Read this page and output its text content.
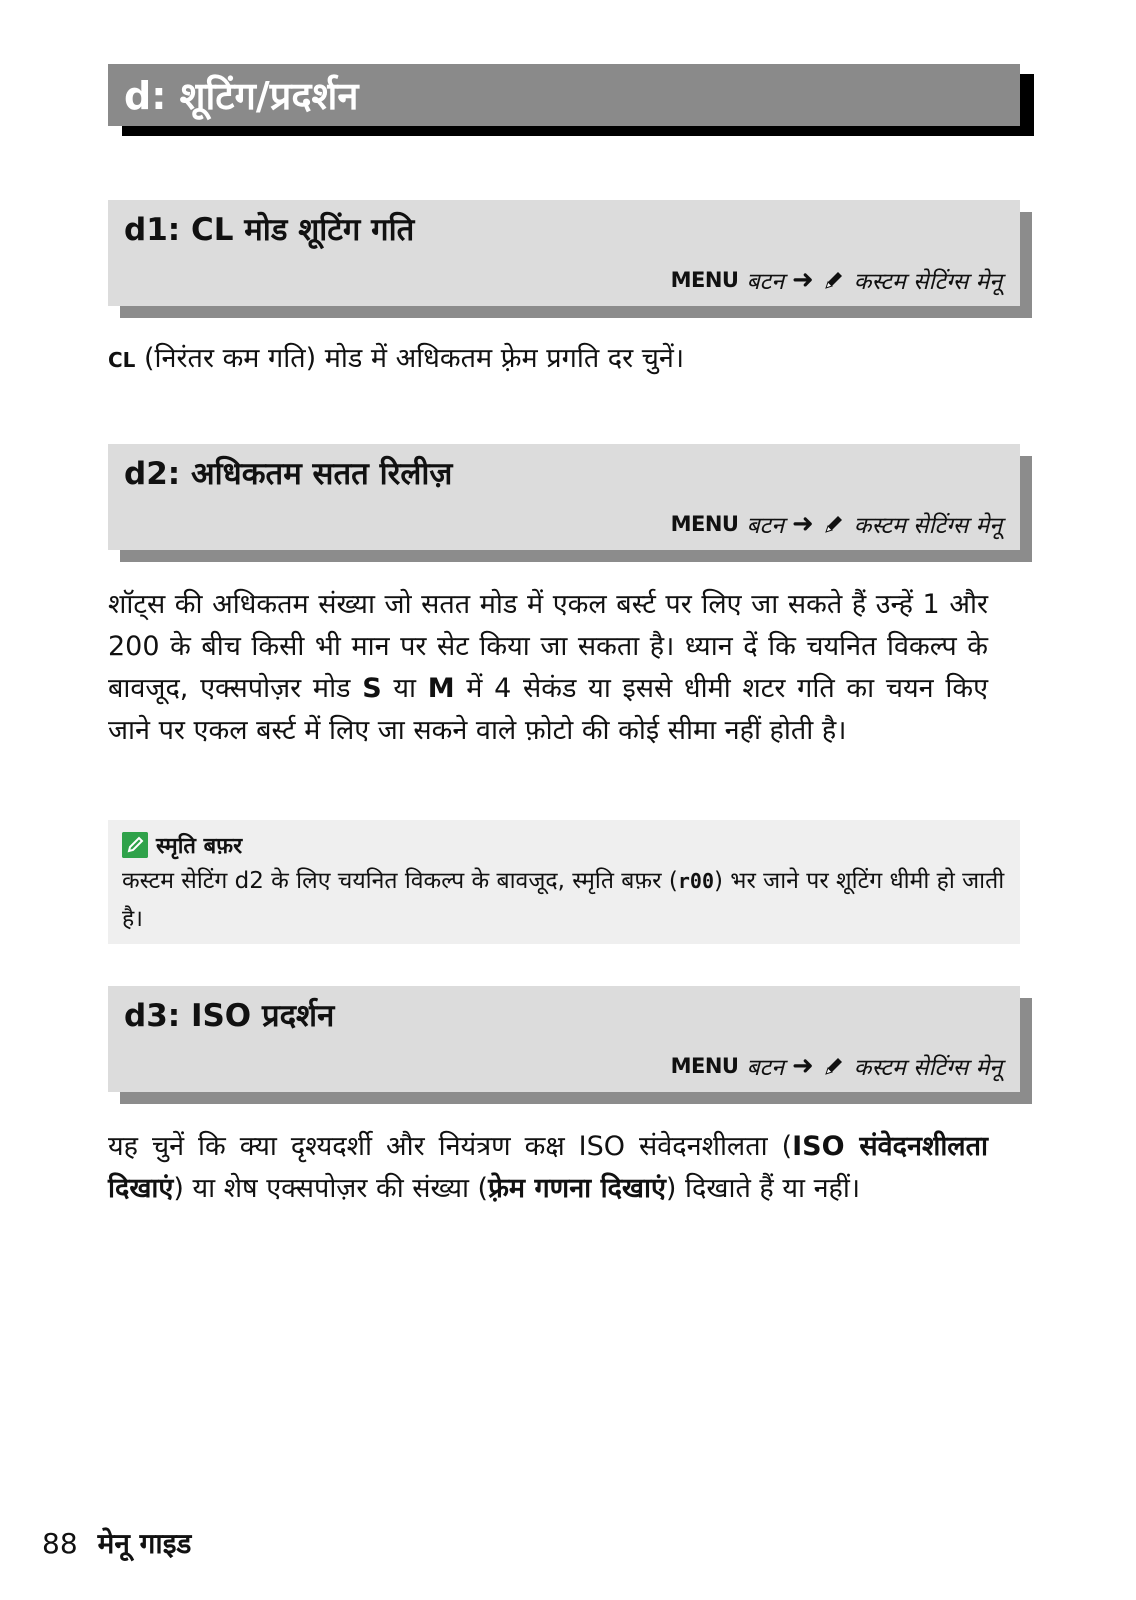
d: शूटिंग/प्रदर्शन
d1: CL मोड शूटिंग गति
MENU बटन ➜ कस्टम सेटिंग्स मेनू
CL (निरंतर कम गति) मोड में अधिकतम फ़्रेम प्रगति दर चुनें।
d2: अधिकतम सतत रिलीज़
MENU बटन ➜ कस्टम सेटिंग्स मेनू
शॉट्स की अधिकतम संख्या जो सतत मोड में एकल बर्स्ट पर लिए जा सकते हैं उन्हें 1 और 200 के बीच किसी भी मान पर सेट किया जा सकता है। ध्यान दें कि चयनित विकल्प के बावजूद, एक्सपोज़र मोड S या M में 4 सेकंड या इससे धीमी शटर गति का चयन किए जाने पर एकल बर्स्ट में लिए जा सकने वाले फ़ोटो की कोई सीमा नहीं होती है।
स्मृति बफ़र
कस्टम सेटिंग d2 के लिए चयनित विकल्प के बावजूद, स्मृति बफ़र (r00) भर जाने पर शूटिंग धीमी हो जाती है।
d3: ISO प्रदर्शन
MENU बटन ➜ कस्टम सेटिंग्स मेनू
यह चुनें कि क्या दृश्यदर्शी और नियंत्रण कक्ष ISO संवेदनशीलता (ISO संवेदनशीलता दिखाएं) या शेष एक्सपोज़र की संख्या (फ़्रेम गणना दिखाएं) दिखाते हैं या नहीं।
88 मेनू गाइड
